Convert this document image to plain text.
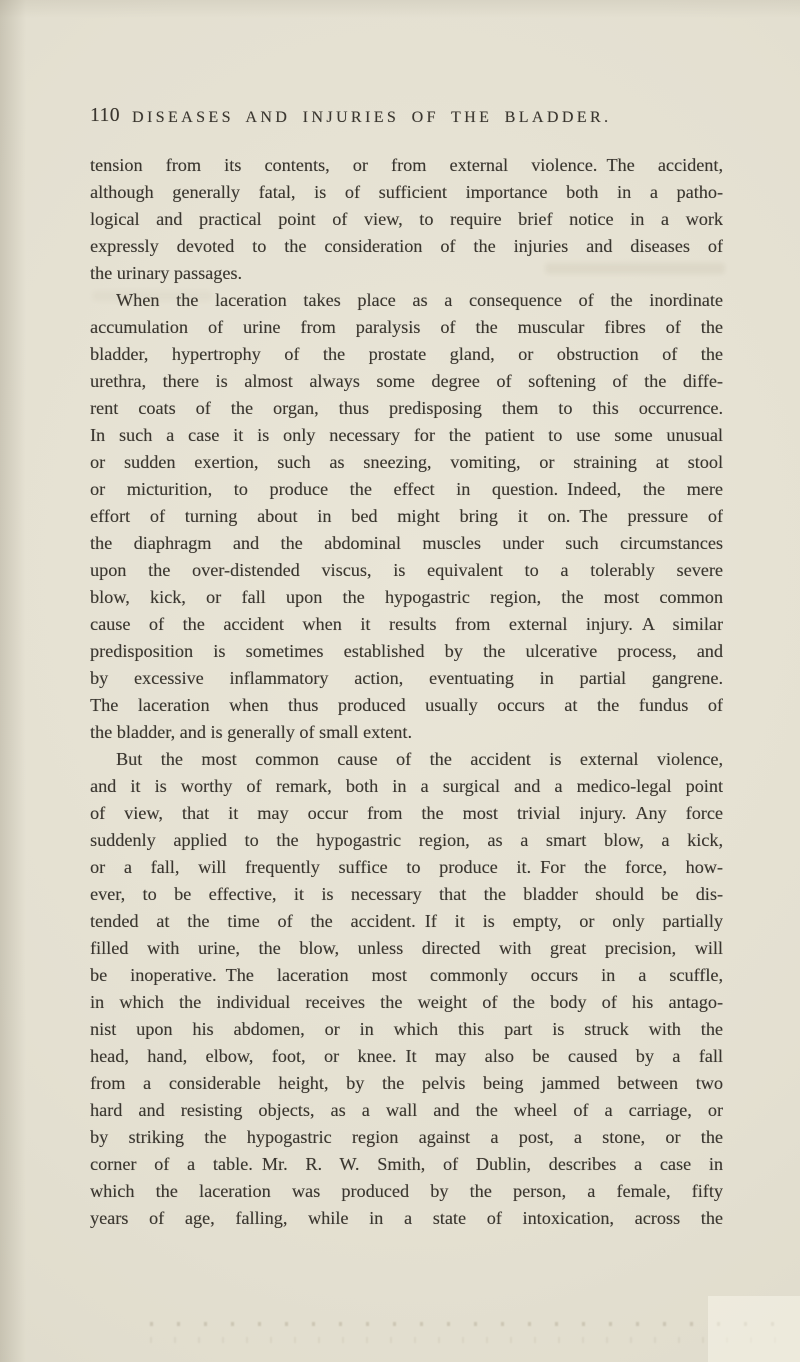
110 DISEASES AND INJURIES OF THE BLADDER.
tension from its contents, or from external violence. The accident,
although generally fatal, is of sufficient importance both in a patho-
logical and practical point of view, to require brief notice in a work
expressly devoted to the consideration of the injuries and diseases of
the urinary passages.
When the laceration takes place as a consequence of the inordinate
accumulation of urine from paralysis of the muscular fibres of the
bladder, hypertrophy of the prostate gland, or obstruction of the
urethra, there is almost always some degree of softening of the diffe-
rent coats of the organ, thus predisposing them to this occurrence.
In such a case it is only necessary for the patient to use some unusual
or sudden exertion, such as sneezing, vomiting, or straining at stool
or micturition, to produce the effect in question. Indeed, the mere
effort of turning about in bed might bring it on. The pressure of
the diaphragm and the abdominal muscles under such circumstances
upon the over-distended viscus, is equivalent to a tolerably severe
blow, kick, or fall upon the hypogastric region, the most common
cause of the accident when it results from external injury. A similar
predisposition is sometimes established by the ulcerative process, and
by excessive inflammatory action, eventuating in partial gangrene.
The laceration when thus produced usually occurs at the fundus of
the bladder, and is generally of small extent.
But the most common cause of the accident is external violence,
and it is worthy of remark, both in a surgical and a medico-legal point
of view, that it may occur from the most trivial injury. Any force
suddenly applied to the hypogastric region, as a smart blow, a kick,
or a fall, will frequently suffice to produce it. For the force, how-
ever, to be effective, it is necessary that the bladder should be dis-
tended at the time of the accident. If it is empty, or only partially
filled with urine, the blow, unless directed with great precision, will
be inoperative. The laceration most commonly occurs in a scuffle,
in which the individual receives the weight of the body of his antago-
nist upon his abdomen, or in which this part is struck with the
head, hand, elbow, foot, or knee. It may also be caused by a fall
from a considerable height, by the pelvis being jammed between two
hard and resisting objects, as a wall and the wheel of a carriage, or
by striking the hypogastric region against a post, a stone, or the
corner of a table. Mr. R. W. Smith, of Dublin, describes a case in
which the laceration was produced by the person, a female, fifty
years of age, falling, while in a state of intoxication, across the
